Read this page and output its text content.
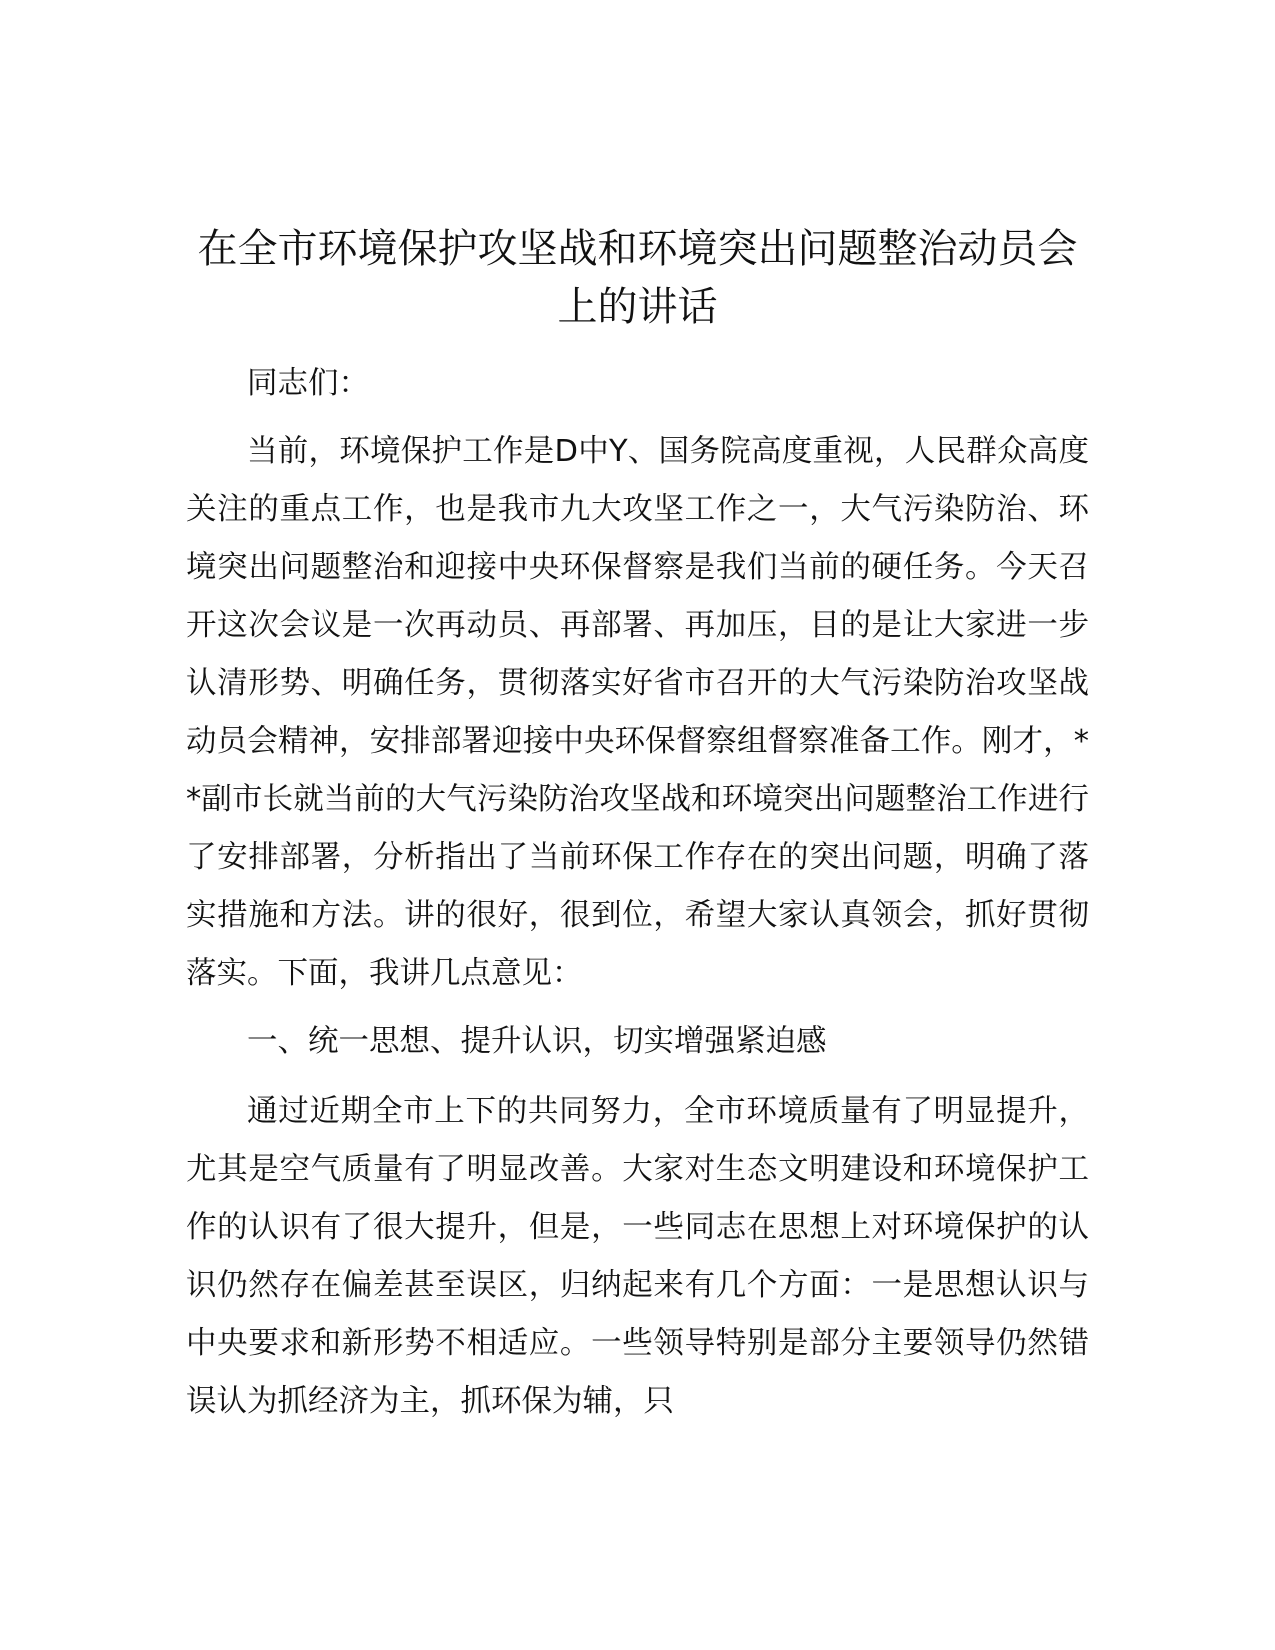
在全市环境保护攻坚战和环境突出问题整治动员会上的讲话

同志们：

当前，环境保护工作是D中Y、国务院高度重视，人民群众高度关注的重点工作，也是我市九大攻坚工作之一，大气污染防治、环境突出问题整治和迎接中央环保督察是我们当前的硬任务。今天召开这次会议是一次再动员、再部署、再加压，目的是让大家进一步认清形势、明确任务，贯彻落实好省市召开的大气污染防治攻坚战动员会精神，安排部署迎接中央环保督察组督察准备工作。刚才，**副市长就当前的大气污染防治攻坚战和环境突出问题整治工作进行了安排部署，分析指出了当前环保工作存在的突出问题，明确了落实措施和方法。讲的很好，很到位，希望大家认真领会，抓好贯彻落实。下面，我讲几点意见：

一、统一思想、提升认识，切实增强紧迫感

通过近期全市上下的共同努力，全市环境质量有了明显提升，尤其是空气质量有了明显改善。大家对生态文明建设和环境保护工作的认识有了很大提升，但是，一些同志在思想上对环境保护的认识仍然存在偏差甚至误区，归纳起来有几个方面：一是思想认识与中央要求和新形势不相适应。一些领导特别是部分主要领导仍然错误认为抓经济为主，抓环保为辅，只
